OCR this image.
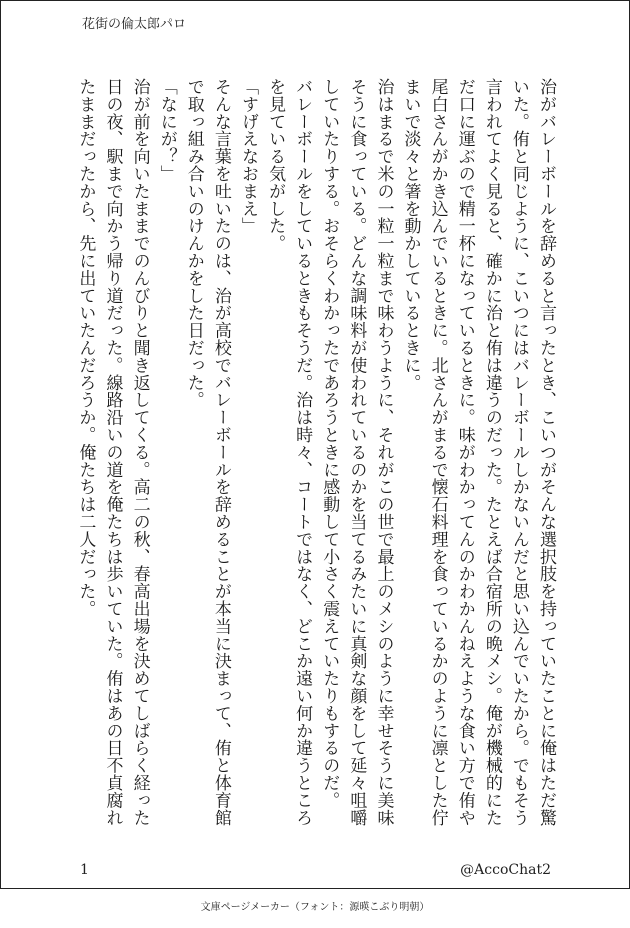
花街の倫太郎パロ

治がバレーボールを辞めると言ったとき、こいつがそんな選択肢を持っていたことに俺はただ驚いた。侑と同じように、こいつにはバレーボールしかないんだと思い込んでいたから。でもそう言われてよく見ると、確かに治と侑は違うのだった。たとえば合宿所の晩メシ。俺が機械的にただ口に運ぶので精一杯になっているときに。味がわかってんのかわかんねえような食い方で侑や尾白さんがかき込んでいるときに。北さんがまるで懐石料理を食っているかのように凛とした佇まいで淡々と箸を動かしているときに。

治はまるで米の一粒一粒まで味わうように、それがこの世で最上のメシのように幸せそうに美味そうに食っている。どんな調味料が使われているのかを当てるみたいに真剣な顔をして延々咀嚼していたりする。おそらくわかったであろうときに感動して小さく震えていたりもするのだ。

バレーボールをしているときもそうだ。治は時々、コートではなく、どこか遠い何か違うところを見ている気がした。

「すげえなおまえ」

そんな言葉を吐いたのは、治が高校でバレーボールを辞めることが本当に決まって、侑と体育館で取っ組み合いのけんかをした日だった。

「なにが？」

治が前を向いたままでのんびりと聞き返してくる。高二の秋、春高出場を決めてしばらく経った日の夜、駅まで向かう帰り道だった。線路沿いの道を俺たちは歩いていた。侑はあの日不貞腐れたままだったから、先に出ていたんだろうか。俺たちは二人だった。

1	@AccoChat2
文庫ページメーカー（フォント：源暎こぶり明朝）
